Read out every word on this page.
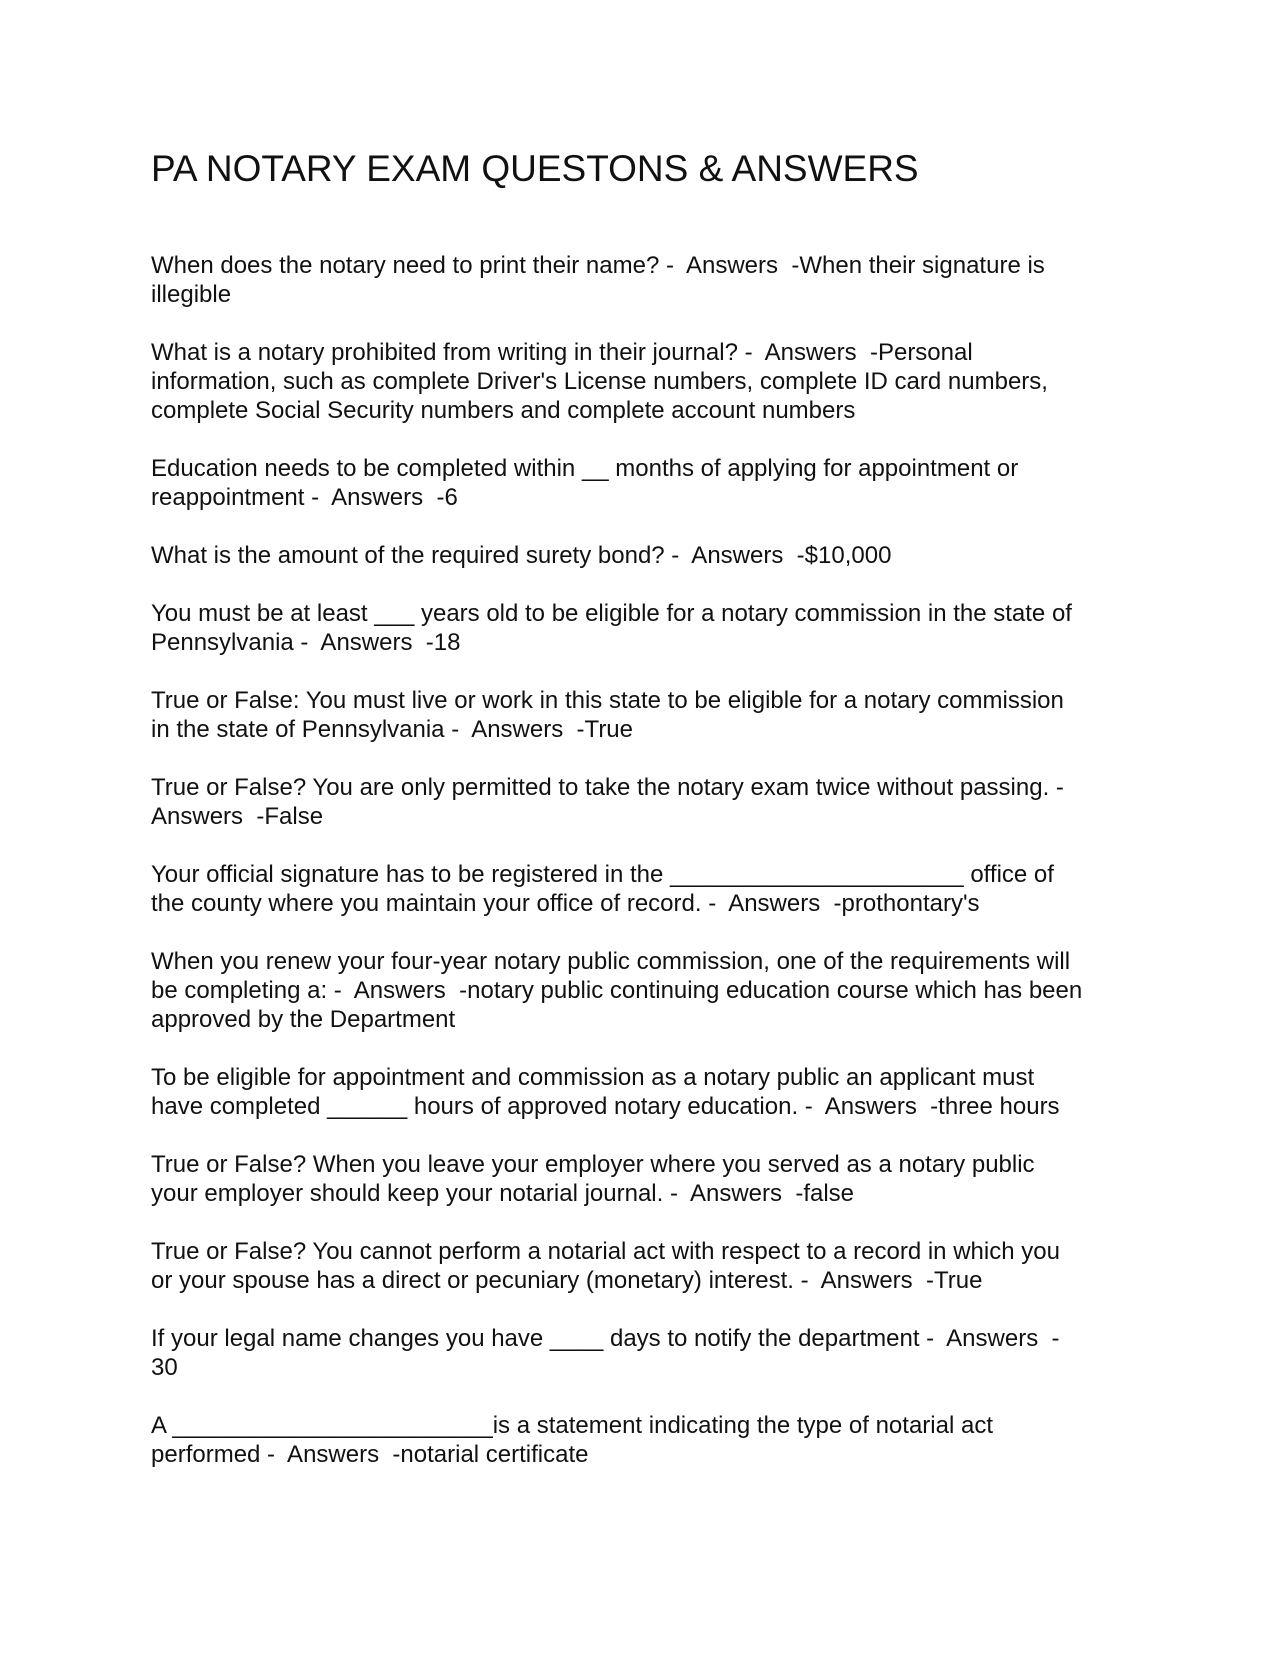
PA NOTARY EXAM QUESTONS & ANSWERS
When does the notary need to print their name? -  Answers  -When their signature is
illegible
What is a notary prohibited from writing in their journal? -  Answers  -Personal
information, such as complete Driver's License numbers, complete ID card numbers,
complete Social Security numbers and complete account numbers
Education needs to be completed within __ months of applying for appointment or
reappointment -  Answers  -6
What is the amount of the required surety bond? -  Answers  -$10,000
You must be at least ___ years old to be eligible for a notary commission in the state of
Pennsylvania -  Answers  -18
True or False: You must live or work in this state to be eligible for a notary commission
in the state of Pennsylvania -  Answers  -True
True or False? You are only permitted to take the notary exam twice without passing. -
Answers  -False
Your official signature has to be registered in the ______________________ office of
the county where you maintain your office of record. -  Answers  -prothontary's
When you renew your four-year notary public commission, one of the requirements will
be completing a: -  Answers  -notary public continuing education course which has been
approved by the Department
To be eligible for appointment and commission as a notary public an applicant must
have completed ______ hours of approved notary education. -  Answers  -three hours
True or False? When you leave your employer where you served as a notary public
your employer should keep your notarial journal. -  Answers  -false
True or False? You cannot perform a notarial act with respect to a record in which you
or your spouse has a direct or pecuniary (monetary) interest. -  Answers  -True
If your legal name changes you have ____ days to notify the department -  Answers  -
30
A ________________________is a statement indicating the type of notarial act
performed -  Answers  -notarial certificate
